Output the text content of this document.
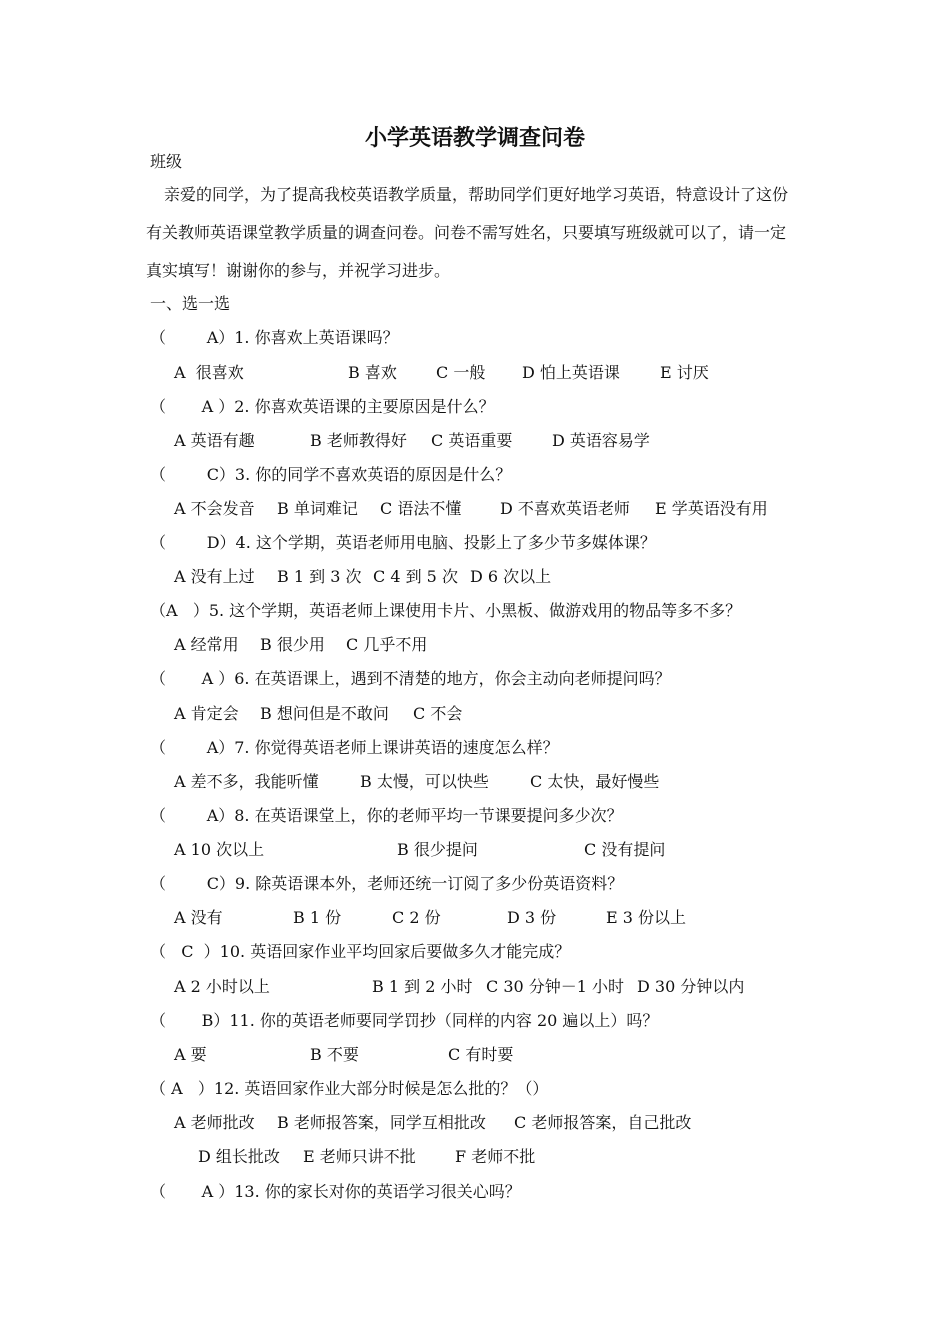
小学英语教学调查问卷
班级
亲爱的同学，为了提高我校英语教学质量，帮助同学们更好地学习英语，特意设计了这份
有关教师英语课堂教学质量的调查问卷。问卷不需写姓名，只要填写班级就可以了，请一定
真实填写！谢谢你的参与，并祝学习进步。
一、选一选
（        A）1. 你喜欢上英语课吗？
A  很喜欢	B 喜欢 C 一般 D 怕上英语课	E 讨厌
（       A ）2. 你喜欢英语课的主要原因是什么？
A 英语有趣	B 老师教得好 C 英语重要 D 英语容易学
（        C）3. 你的同学不喜欢英语的原因是什么？
A 不会发音 B 单词难记 C 语法不懂 D 不喜欢英语老师 E 学英语没有用
（        D）4. 这个学期，英语老师用电脑、投影上了多少节多媒体课？
A 没有上过 B 1 到 3 次 C 4 到 5 次 D 6 次以上
（A   ）5. 这个学期，英语老师上课使用卡片、小黑板、做游戏用的物品等多不多？
A 经常用 B 很少用 C 几乎不用
（       A ）6. 在英语课上，遇到不清楚的地方，你会主动向老师提问吗？
A 肯定会 B 想问但是不敢问 C 不会
（        A）7. 你觉得英语老师上课讲英语的速度怎么样？
A 差不多，我能听懂	B 太慢，可以快些	C 太快，最好慢些
（        A）8. 在英语课堂上，你的老师平均一节课要提问多少次？
A 10 次以上	B 很少提问	C 没有提问
（        C）9. 除英语课本外，老师还统一订阅了多少份英语资料？
A 没有	B 1 份	C 2 份	D 3 份	E 3 份以上
（   C  ）10. 英语回家作业平均回家后要做多久才能完成？
A 2 小时以上	B 1 到 2 小时 C 30 分钟－1 小时 D 30 分钟以内
（       B）11. 你的英语老师要同学罚抄（同样的内容 20 遍以上）吗？
A 要	B 不要	C 有时要
（ A   ）12. 英语回家作业大部分时候是怎么批的？（）
A 老师批改 B 老师报答案，同学互相批改 C 老师报答案，自己批改
D 组长批改 E 老师只讲不批 F 老师不批
（       A ）13. 你的家长对你的英语学习很关心吗？
